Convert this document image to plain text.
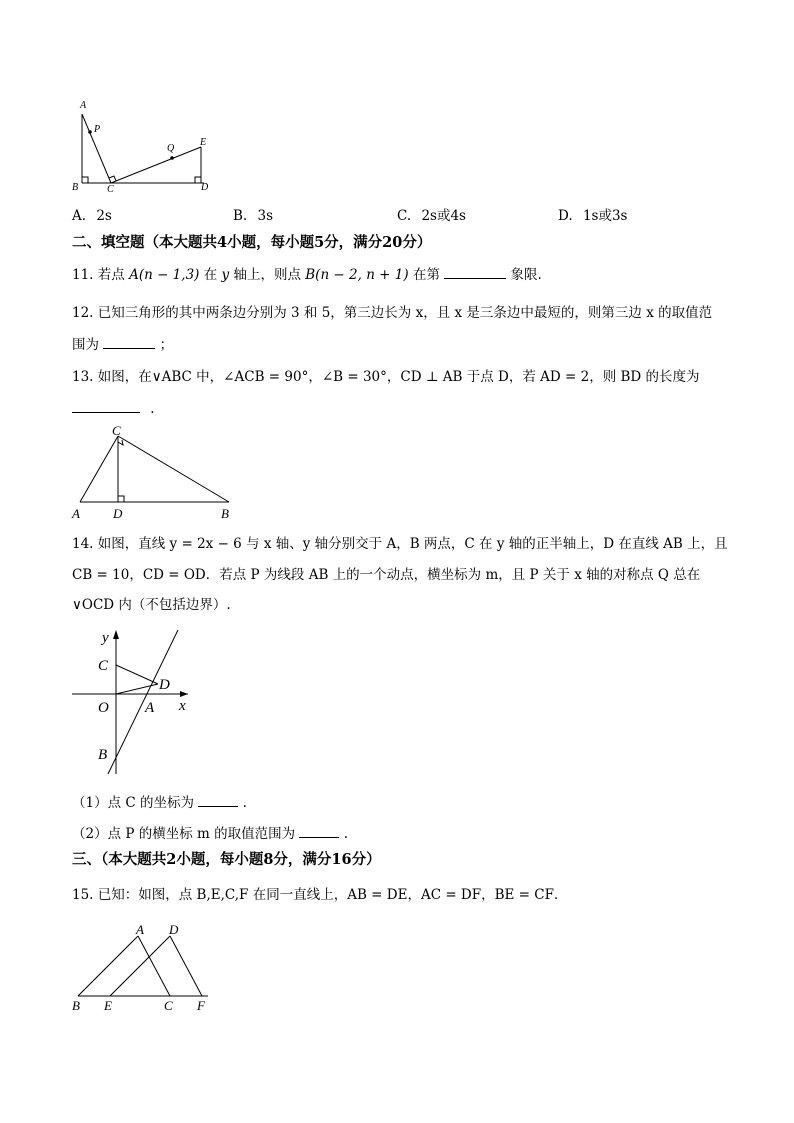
A
P
Q
E
B	C	D
A. 2s	B. 3s	C. 2s或4s	D. 1s或3s
二、填空题（本大题共4小题，每小题5分，满分20分）
11. 若点 A(n − 1,3) 在 y 轴上，则点 B(n − 2, n + 1) 在第	象限.
12. 已知三角形的其中两条边分别为 3 和 5，第三边长为 x，且 x 是三条边中最短的，则第三边 x 的取值范
围为	；
13. 如图，在∨ABC 中，∠ACB = 90°，∠B = 30°，CD ⊥ AB 于点 D，若 AD = 2，则 BD 的长度为
.
C
A	D	B
14. 如图，直线 y = 2x − 6 与 x 轴、y 轴分别交于 A，B 两点，C 在 y 轴的正半轴上，D 在直线 AB 上，且
CB = 10，CD = OD．若点 P 为线段 AB 上的一个动点，横坐标为 m，且 P 关于 x 轴的对称点 Q 总在
∨OCD 内（不包括边界）.
y
C
D
O A x
B
（1）点 C 的坐标为	.
（2）点 P 的横坐标 m 的取值范围为	.
三、（本大题共2小题，每小题8分，满分16分）
15. 已知：如图，点 B,E,C,F 在同一直线上，AB = DE，AC = DF，BE = CF．
A D
B E	C F
